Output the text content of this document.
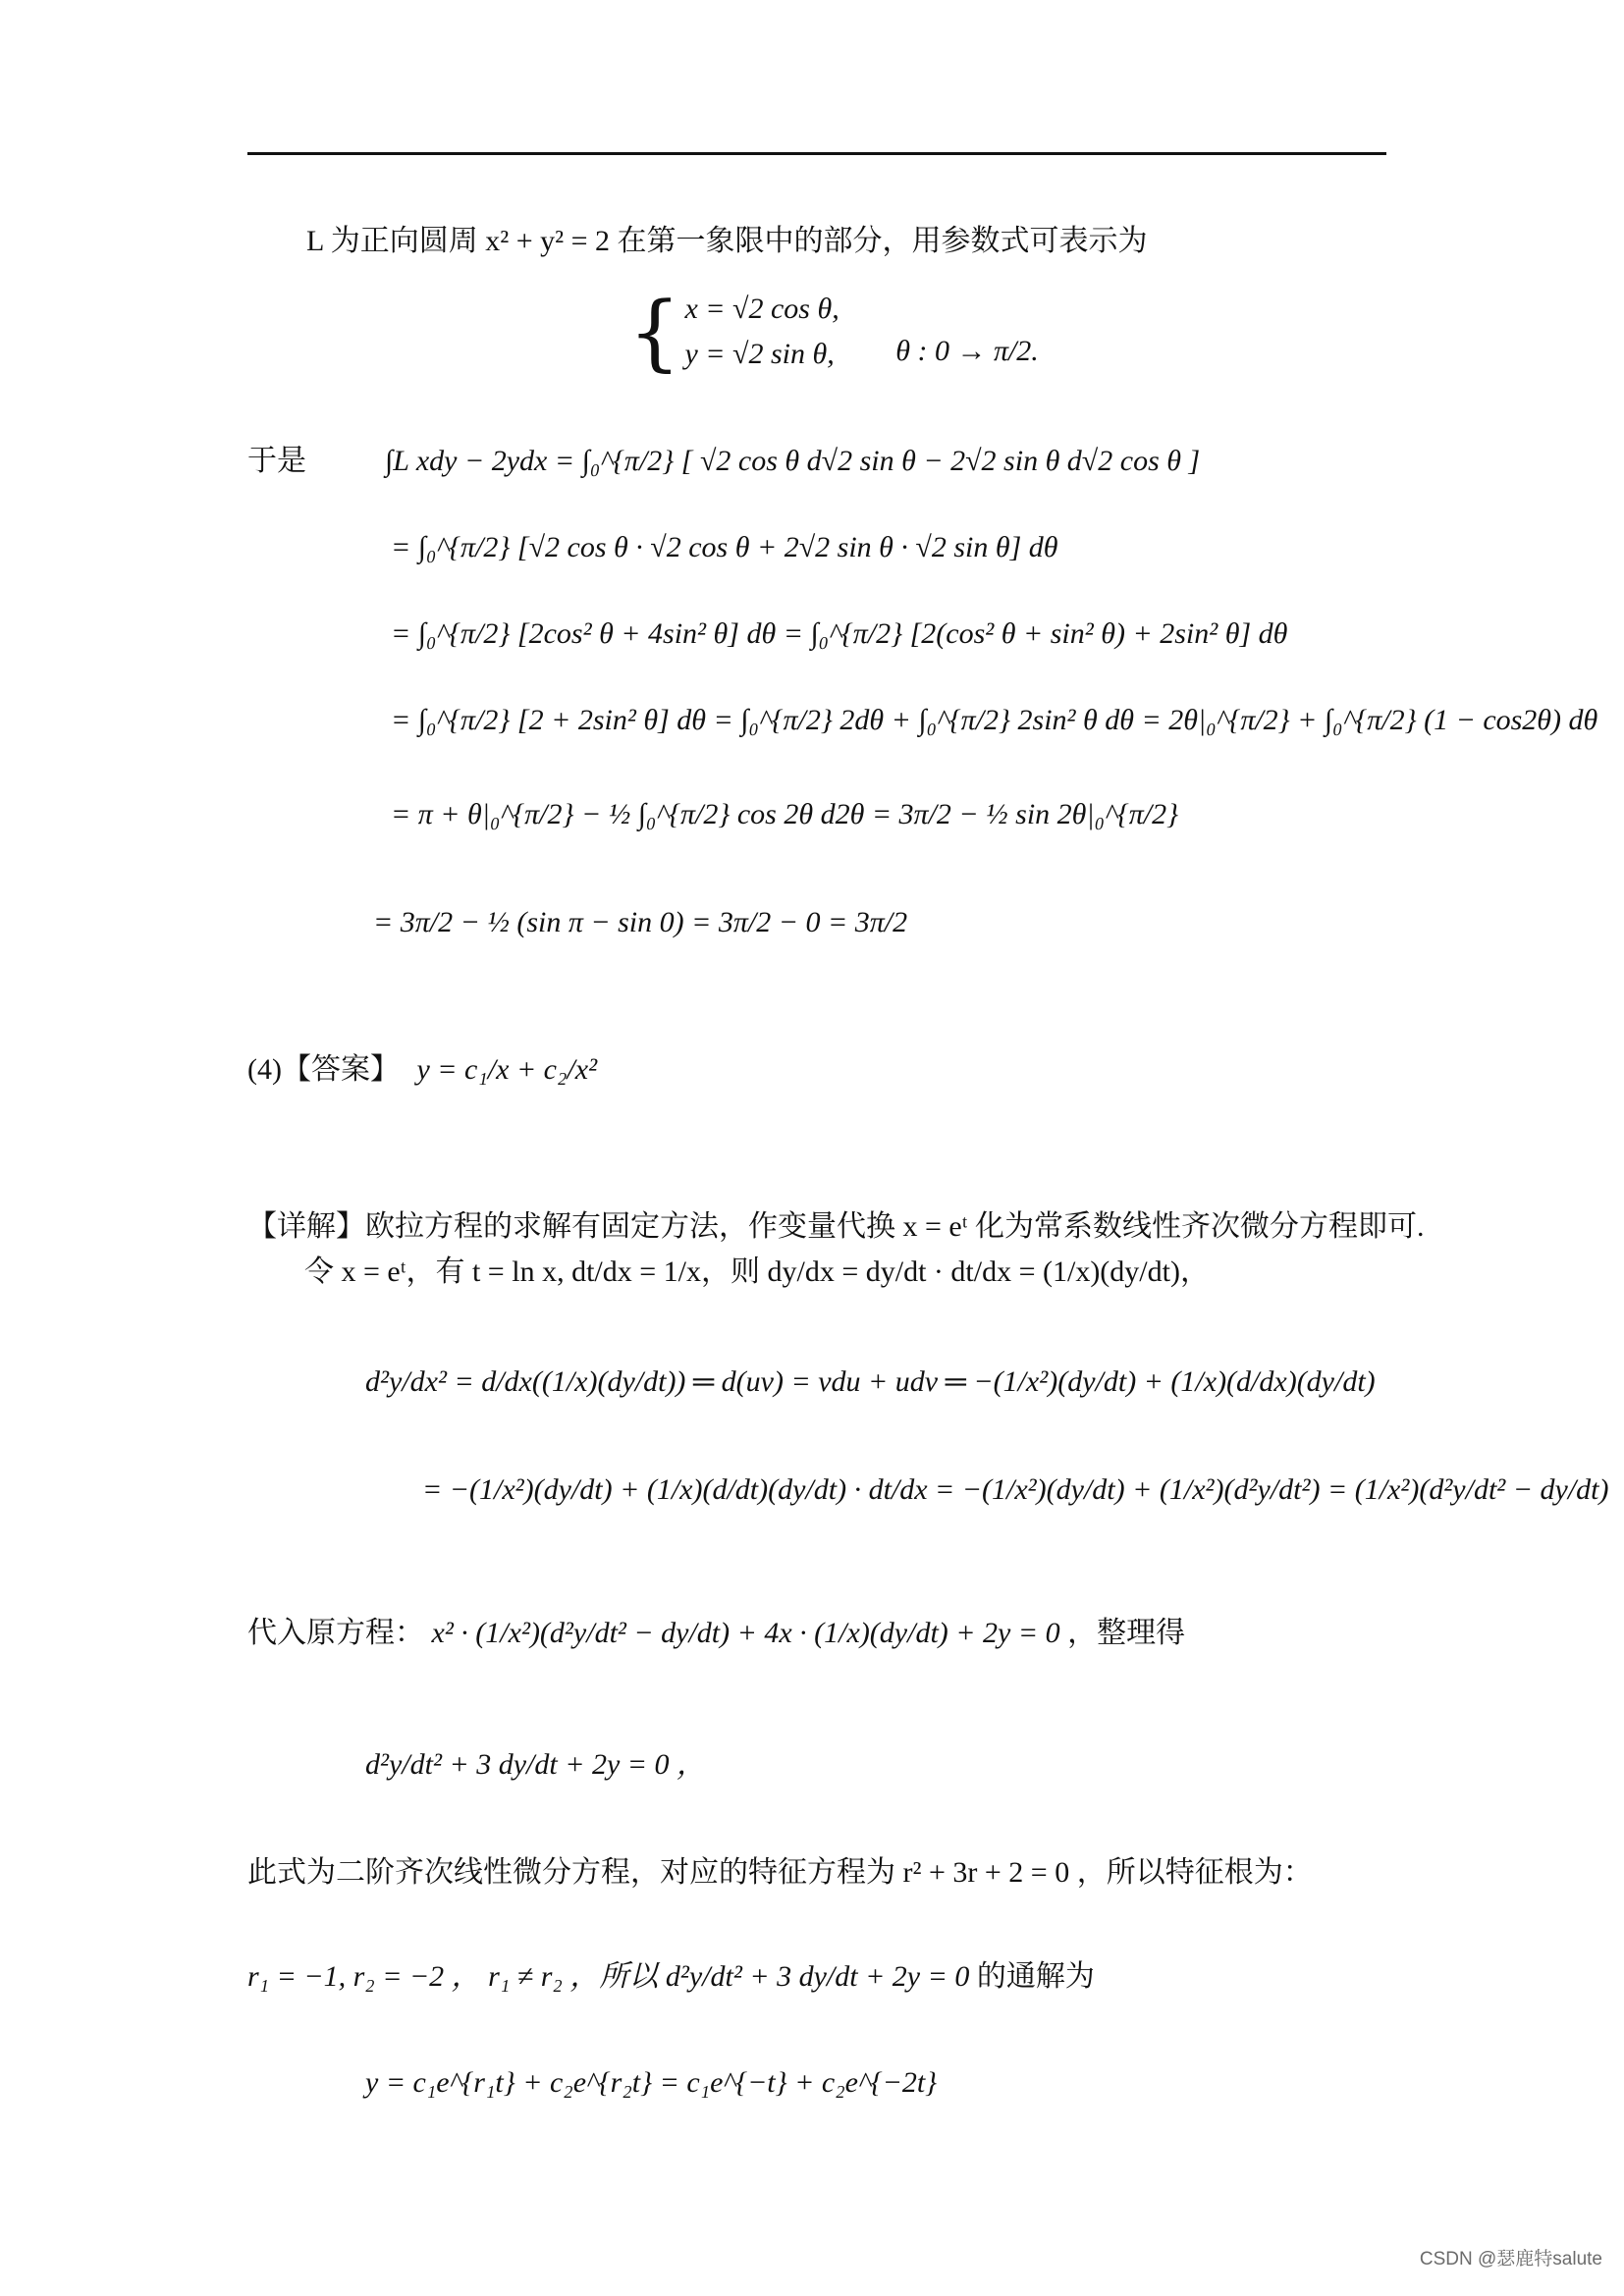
L 为正向圆周 x² + y² = 2 在第一象限中的部分，用参数式可表示为
{ x = √2 cos θ,
y = √2 sin θ, θ : 0 → π/2.
于是	∫L xdy − 2ydx = ∫₀^{π/2} [ √2 cos θ d√2 sin θ − 2√2 sin θ d√2 cos θ ]
= ∫₀^{π/2} [√2 cos θ · √2 cos θ + 2√2 sin θ · √2 sin θ] dθ
= ∫₀^{π/2} [2cos² θ + 4sin² θ] dθ = ∫₀^{π/2} [2(cos² θ + sin² θ) + 2sin² θ] dθ
= ∫₀^{π/2} [2 + 2sin² θ] dθ = ∫₀^{π/2} 2dθ + ∫₀^{π/2} 2sin² θ dθ = 2θ|₀^{π/2} + ∫₀^{π/2} (1 − cos2θ) dθ
= π + θ|₀^{π/2} − ½ ∫₀^{π/2} cos 2θ d2θ = 3π/2 − ½ sin 2θ|₀^{π/2}
= 3π/2 − ½ (sin π − sin 0) = 3π/2 − 0 = 3π/2
(4)【答案】 y = c₁/x + c₂/x²
【详解】欧拉方程的求解有固定方法，作变量代换 x = eᵗ 化为常系数线性齐次微分方程即可.
令 x = eᵗ，有 t = ln x, dt/dx = 1/x，则 dy/dx = dy/dt · dt/dx = (1/x)(dy/dt)，
d²y/dx² = d/dx((1/x)(dy/dt)) ═ d(uv) = vdu + udv ═ −(1/x²)(dy/dt) + (1/x)(d/dx)(dy/dt)
= −(1/x²)(dy/dt) + (1/x)(d/dt)(dy/dt) · dt/dx = −(1/x²)(dy/dt) + (1/x²)(d²y/dt²) = (1/x²)(d²y/dt² − dy/dt)
代入原方程： x² · (1/x²)(d²y/dt² − dy/dt) + 4x · (1/x)(dy/dt) + 2y = 0 ，整理得
d²y/dt² + 3 dy/dt + 2y = 0 ，
此式为二阶齐次线性微分方程，对应的特征方程为 r² + 3r + 2 = 0 ，所以特征根为：
r₁ = −1, r₂ = −2 ， r₁ ≠ r₂ ，所以 d²y/dt² + 3 dy/dt + 2y = 0 的通解为
y = c₁e^{r₁t} + c₂e^{r₂t} = c₁e^{−t} + c₂e^{−2t}
CSDN @瑟鹿特salute
